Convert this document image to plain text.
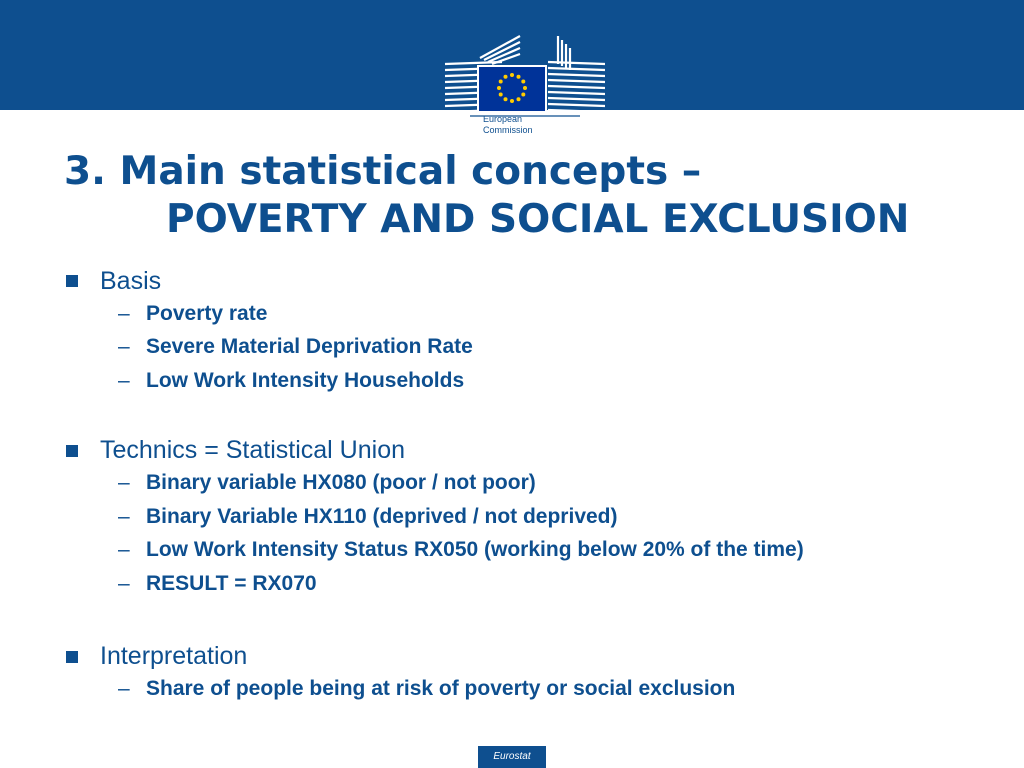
European
Commission
3. Main statistical concepts –
POVERTY AND SOCIAL EXCLUSION
Basis
– Poverty rate
– Severe Material Deprivation Rate
– Low Work Intensity Households
Technics = Statistical Union
– Binary variable HX080 (poor / not poor)
– Binary Variable HX110 (deprived / not deprived)
– Low Work Intensity Status RX050 (working below 20% of the time)
– RESULT = RX070
Interpretation
– Share of people being at risk of poverty or social exclusion
Eurostat
